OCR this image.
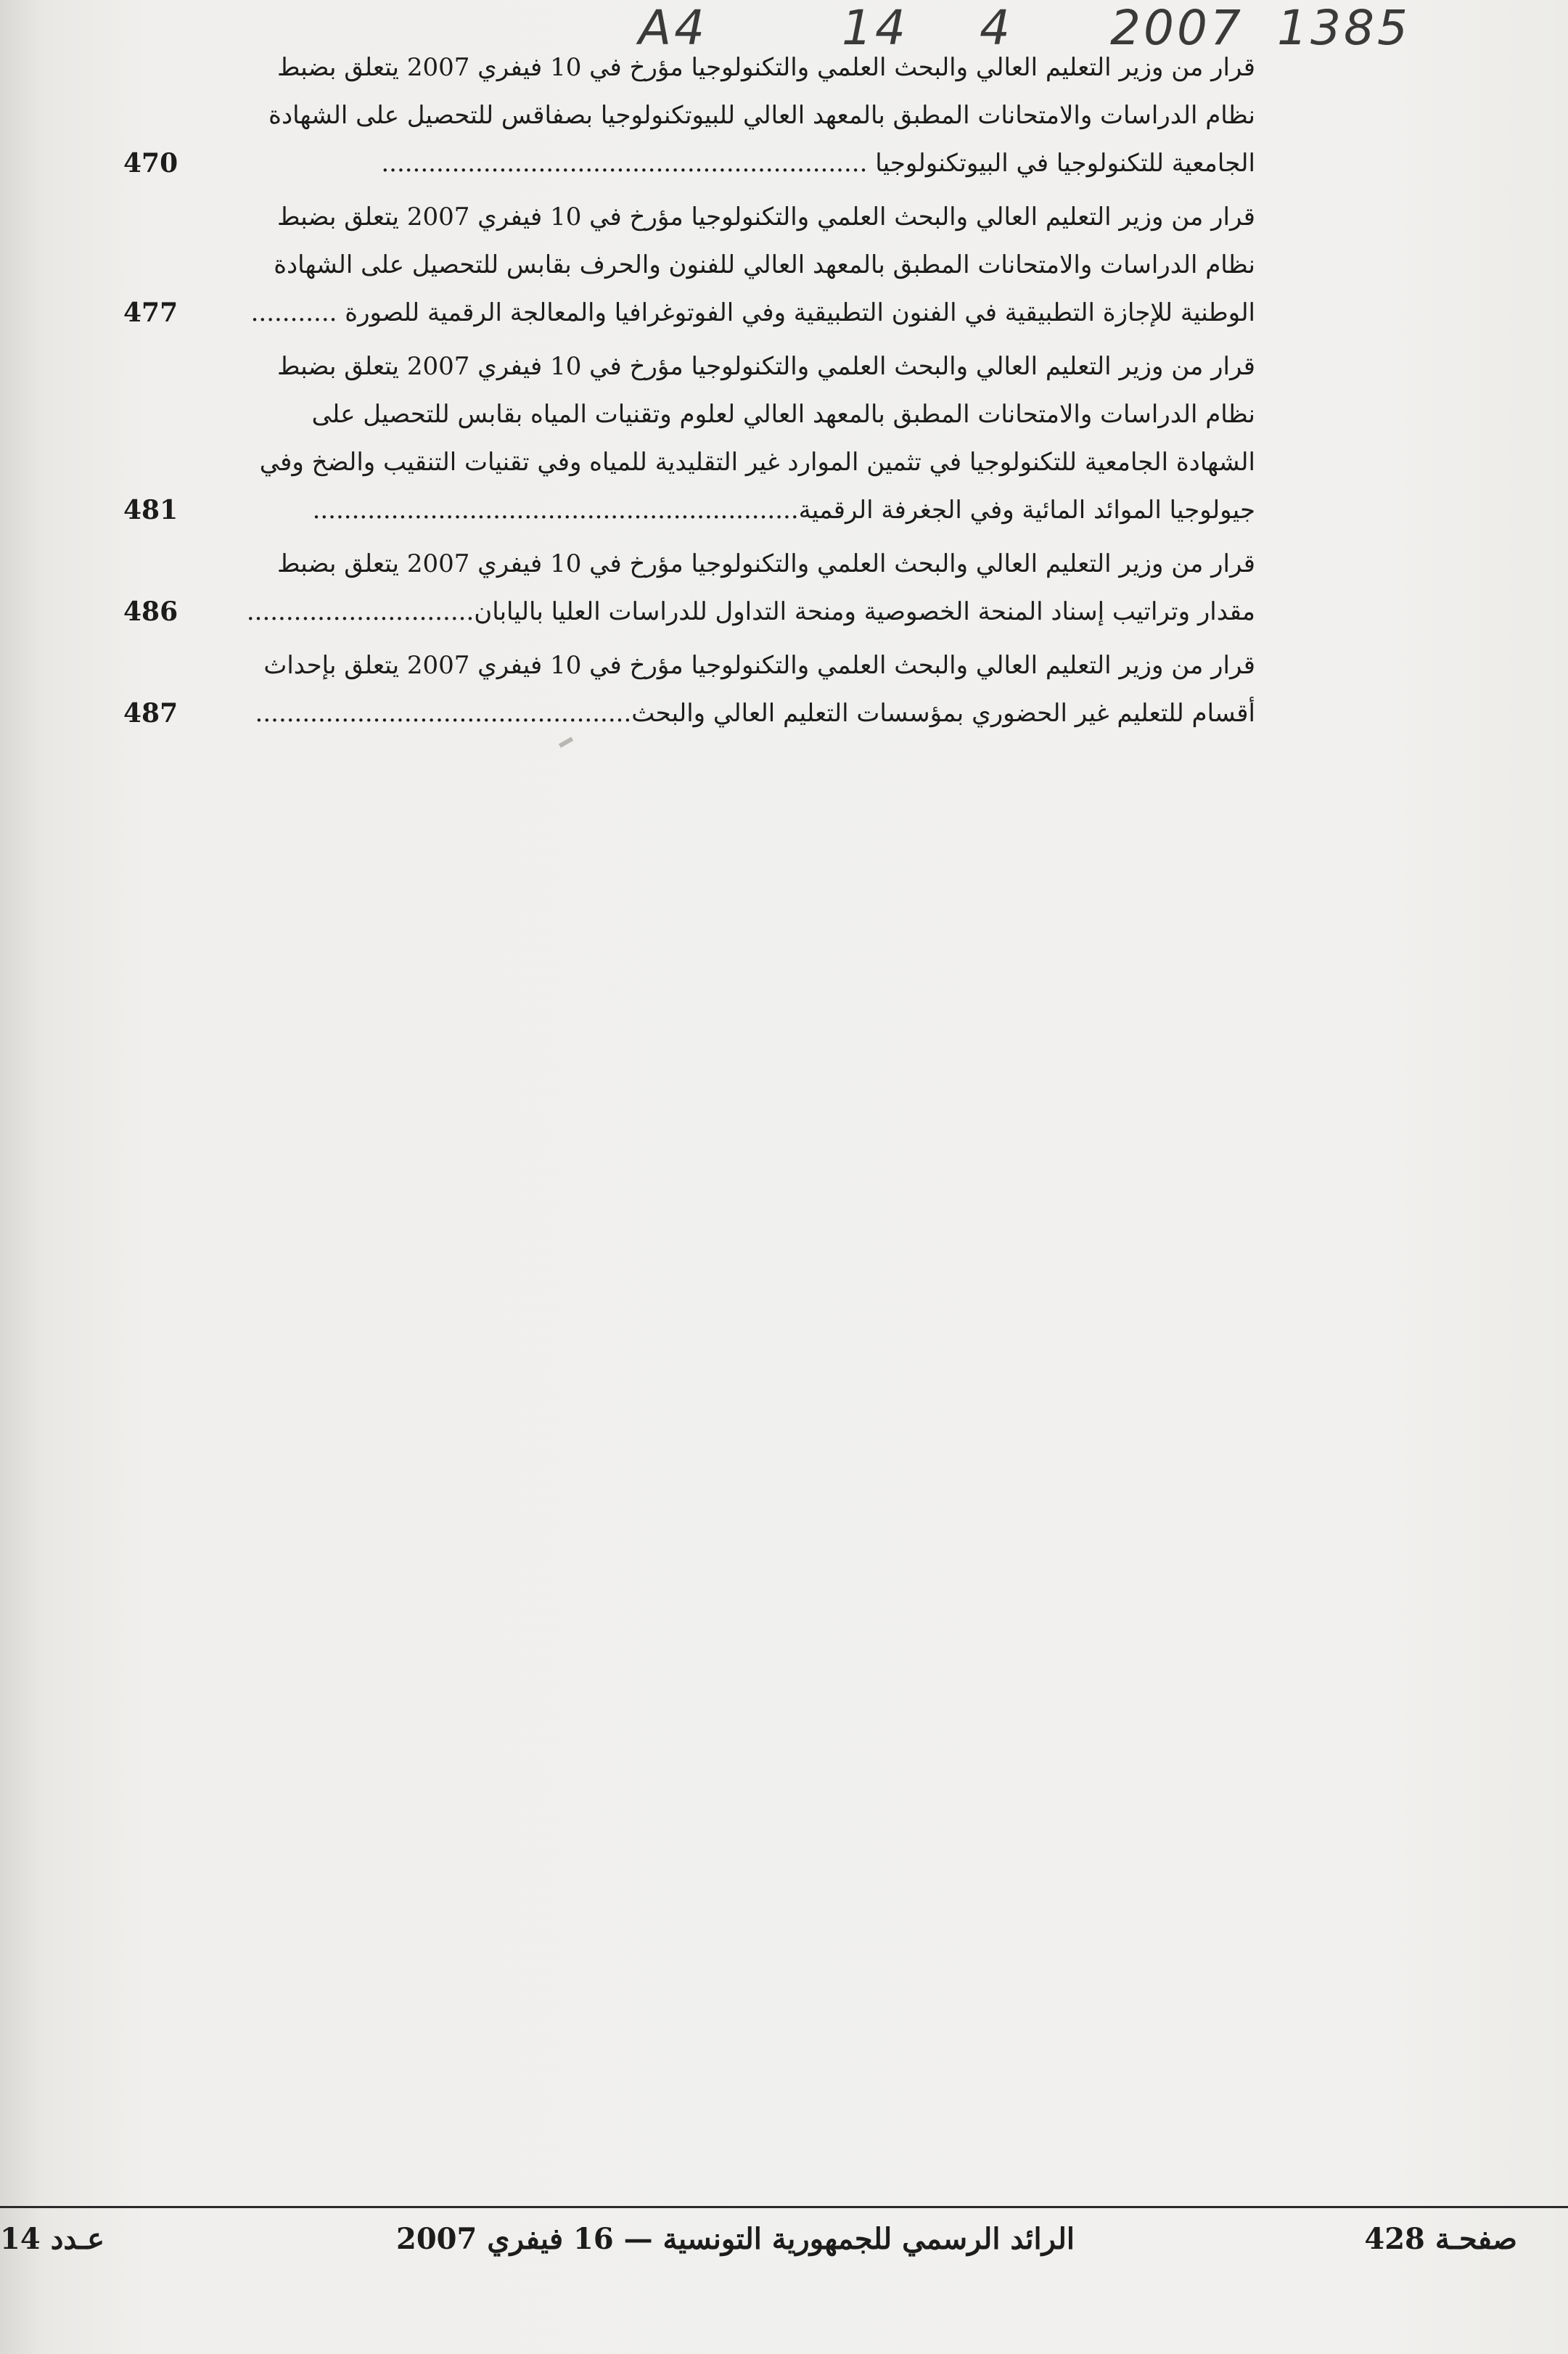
A4	14 4 2007 1385
قرار من وزير التعليم العالي والبحث العلمي والتكنولوجيا مؤرخ في 10 فيفري 2007 يتعلق بضبط
نظام الدراسات والامتحانات المطبق بالمعهد العالي للبيوتكنولوجيا بصفاقس للتحصيل على الشهادة
الجامعية للتكنولوجيا في البيوتكنولوجيا ..............................................................
470
قرار من وزير التعليم العالي والبحث العلمي والتكنولوجيا مؤرخ في 10 فيفري 2007 يتعلق بضبط
نظام الدراسات والامتحانات المطبق بالمعهد العالي للفنون والحرف بقابس للتحصيل على الشهادة
الوطنية للإجازة التطبيقية في الفنون التطبيقية وفي الفوتوغرافيا والمعالجة الرقمية للصورة ...........
477
قرار من وزير التعليم العالي والبحث العلمي والتكنولوجيا مؤرخ في 10 فيفري 2007 يتعلق بضبط
نظام الدراسات والامتحانات المطبق بالمعهد العالي لعلوم وتقنيات المياه بقابس للتحصيل على
الشهادة الجامعية للتكنولوجيا في تثمين الموارد غير التقليدية للمياه وفي تقنيات التنقيب والضخ وفي
جيولوجيا الموائد المائية وفي الجغرفة الرقمية..............................................................
481
قرار من وزير التعليم العالي والبحث العلمي والتكنولوجيا مؤرخ في 10 فيفري 2007 يتعلق بضبط
مقدار وتراتيب إسناد المنحة الخصوصية ومنحة التداول للدراسات العليا باليابان.............................
486
قرار من وزير التعليم العالي والبحث العلمي والتكنولوجيا مؤرخ في 10 فيفري 2007 يتعلق بإحداث
أقسام للتعليم غير الحضوري بمؤسسات التعليم العالي والبحث................................................
487
صفحـة 428
الرائد الرسمي للجمهورية التونسية — 16 فيفري 2007
عـدد 14
